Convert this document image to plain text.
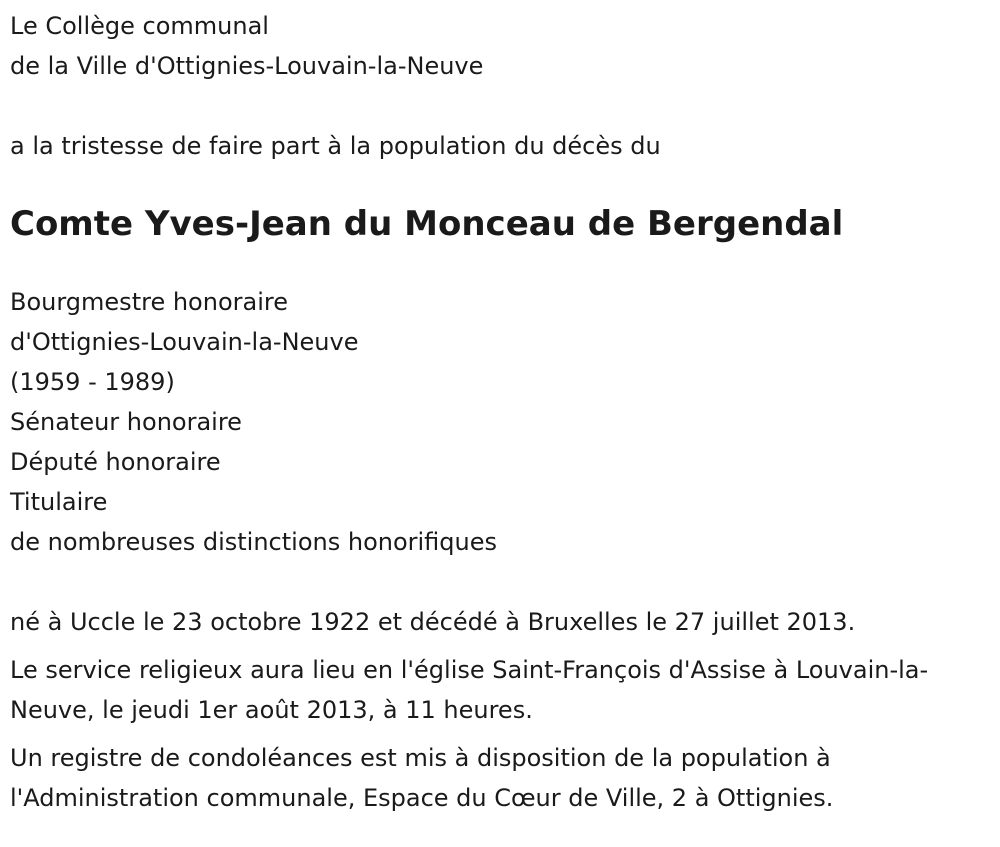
Le Collège communal
de la Ville d'Ottignies-Louvain-la-Neuve
a la tristesse de faire part à la population du décès du
Comte Yves-Jean du Monceau de Bergendal
Bourgmestre honoraire
d'Ottignies-Louvain-la-Neuve
(1959 - 1989)
Sénateur honoraire
Député honoraire
Titulaire
de nombreuses distinctions honorifiques

né à Uccle le 23 octobre 1922 et décédé à Bruxelles le 27 juillet 2013.

Le service religieux aura lieu en l'église Saint-François d'Assise à Louvain-la-Neuve, le jeudi 1er août 2013, à 11 heures.

Un registre de condoléances est mis à disposition de la population à l'Administration communale, Espace du Cœur de Ville, 2 à Ottignies.
